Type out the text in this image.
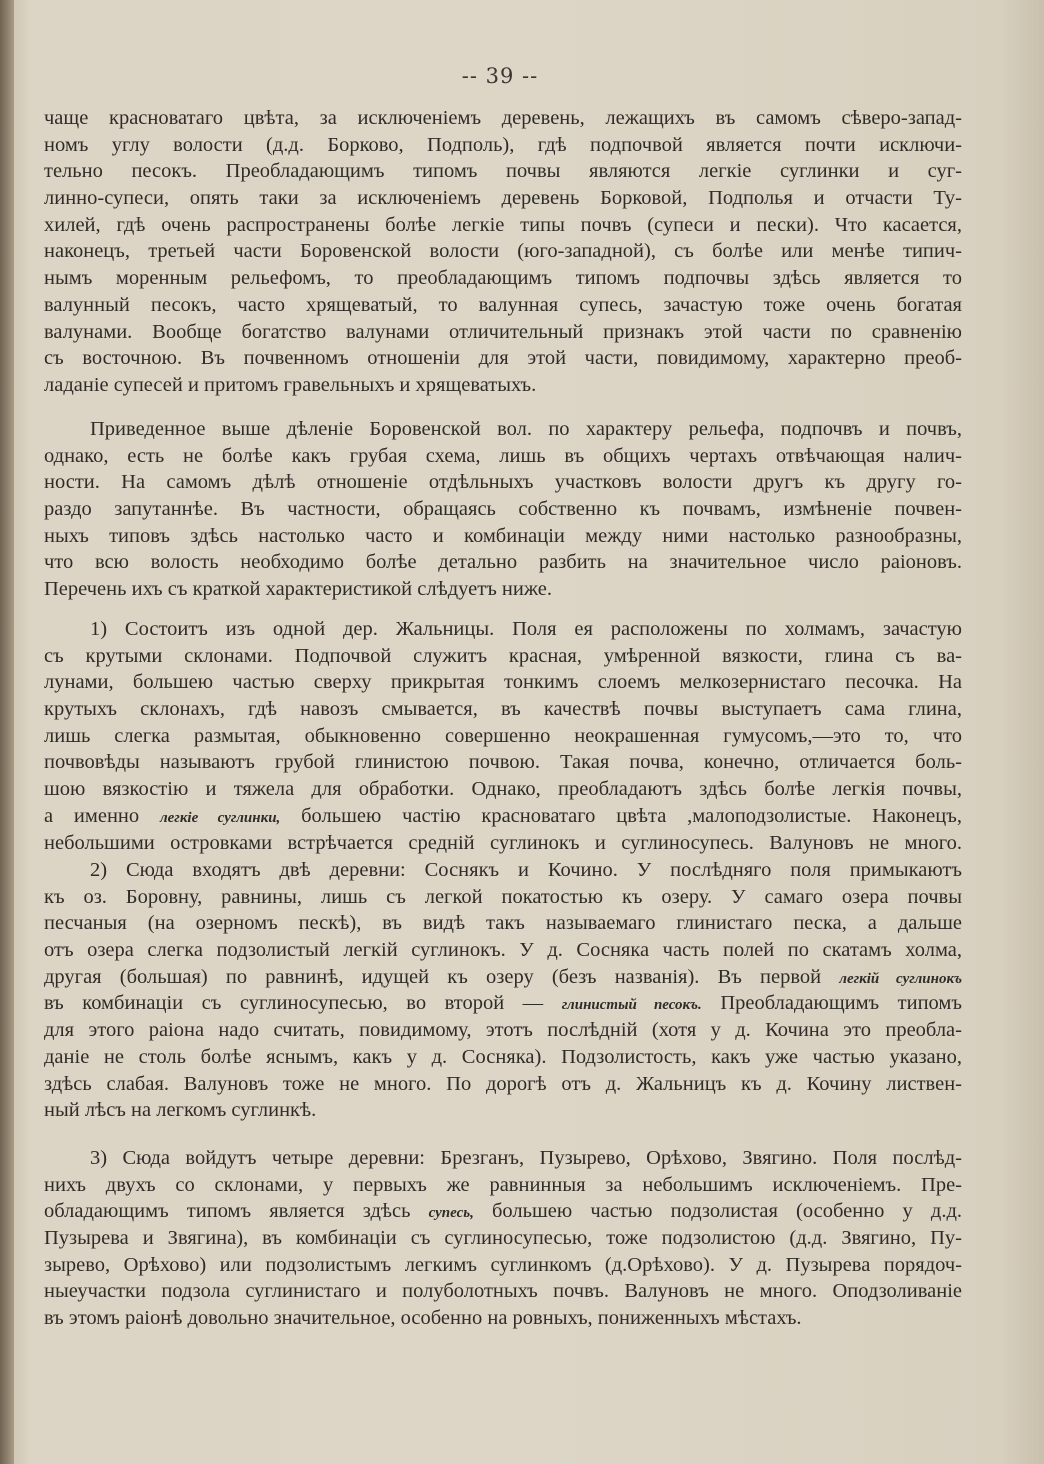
-- 39 --
чаще красноватаго цвѣта, за исключеніемъ деревень, лежащихъ въ самомъ сѣверо-запад-
номъ углу волости (д.д. Борково, Подполь), гдѣ подпочвой является почти исключи-
тельно песокъ. Преобладающимъ типомъ почвы являются легкіе суглинки и суг-
линно-супеси, опять таки за исключеніемъ деревень Борковой, Подполья и отчасти Ту-
хилей, гдѣ очень распространены болѣе легкіе типы почвъ (супеси и пески). Что касается,
наконецъ, третьей части Боровенской волости (юго-западной), съ болѣе или менѣе типич-
нымъ моренным рельефомъ, то преобладающимъ типомъ подпочвы здѣсь является то
валунный песокъ, часто хрящеватый, то валунная супесь, зачастую тоже очень богатая
валунами. Вообще богатство валунами отличительный признакъ этой части по сравненію
съ восточною. Въ почвенномъ отношеніи для этой части, повидимому, характерно преоб-
ладаніе супесей и притомъ гравельныхъ и хрящеватыхъ.
Приведенное выше дѣленіе Боровенской вол. по характеру рельефа, подпочвъ и почвъ,
однако, есть не болѣе какъ грубая схема, лишь въ общихъ чертахъ отвѣчающая налич-
ности. На самомъ дѣлѣ отношеніе отдѣльныхъ участковъ волости другъ къ другу го-
раздо запутаннѣе. Въ частности, обращаясь собственно къ почвамъ, измѣненіе почвен-
ныхъ типовъ здѣсь настолько часто и комбинаціи между ними настолько разнообразны,
что всю волость необходимо болѣе детально разбить на значительное число раіоновъ.
Перечень ихъ съ краткой характеристикой слѣдуетъ ниже.
1) Состоитъ изъ одной дер. Жальницы. Поля ея расположены по холмамъ, зачастую
съ крутыми склонами. Подпочвой служитъ красная, умѣренной вязкости, глина съ ва-
лунами, большею частью сверху прикрытая тонкимъ слоемъ мелкозернистаго песочка. На
крутыхъ склонахъ, гдѣ навозъ смывается, въ качествѣ почвы выступаетъ сама глина,
лишь слегка размытая, обыкновенно совершенно неокрашенная гумусомъ,—это то, что
почвовѣды называютъ грубой глинистою почвою. Такая почва, конечно, отличается боль-
шою вязкостію и тяжела для обработки. Однако, преобладаютъ здѣсь болѣе легкія почвы,
а именно легкіе суглинки, большею частію красноватаго цвѣта ,малоподзолистые. Наконецъ,
небольшими островками встрѣчается средній суглинокъ и суглиносупесь. Валуновъ не много.
2) Сюда входятъ двѣ деревни: Соснякъ и Кочино. У послѣдняго поля примыкаютъ
къ оз. Боровну, равнины, лишь съ легкой покатостью къ озеру. У самаго озера почвы
песчаныя (на озерномъ пескѣ), въ видѣ такъ называемаго глинистаго песка, а дальше
отъ озера слегка подзолистый легкій суглинокъ. У д. Сосняка часть полей по скатамъ холма,
другая (большая) по равнинѣ, идущей къ озеру (безъ названія). Въ первой легкій суглинокъ
въ комбинаціи съ суглиносупесью, во второй — глинистый песокъ. Преобладающимъ типомъ
для этого раіона надо считать, повидимому, этотъ послѣдній (хотя у д. Кочина это преобла-
даніе не столь болѣе яснымъ, какъ у д. Сосняка). Подзолистость, какъ уже частью указано,
здѣсь слабая. Валуновъ тоже не много. По дорогѣ отъ д. Жальницъ къ д. Кочину листвен-
ный лѣсъ на легкомъ суглинкѣ.
3) Сюда войдутъ четыре деревни: Брезганъ, Пузырево, Орѣхово, Звягино. Поля послѣд-
нихъ двухъ со склонами, у первыхъ же равнинныя за небольшимъ исключеніемъ. Пре-
обладающимъ типомъ является здѣсь супесь, большею частью подзолистая (особенно у д.д.
Пузырева и Звягина), въ комбинаціи съ суглиносупесью, тоже подзолистою (д.д. Звягино, Пу-
зырево, Орѣхово) или подзолистымъ легкимъ суглинкомъ (д.Орѣхово). У д. Пузырева порядоч-
ныеучастки подзола суглинистаго и полуболотныхъ почвъ. Валуновъ не много. Оподзоливаніе
въ этомъ раіонѣ довольно значительное, особенно на ровныхъ, пониженныхъ мѣстахъ.
